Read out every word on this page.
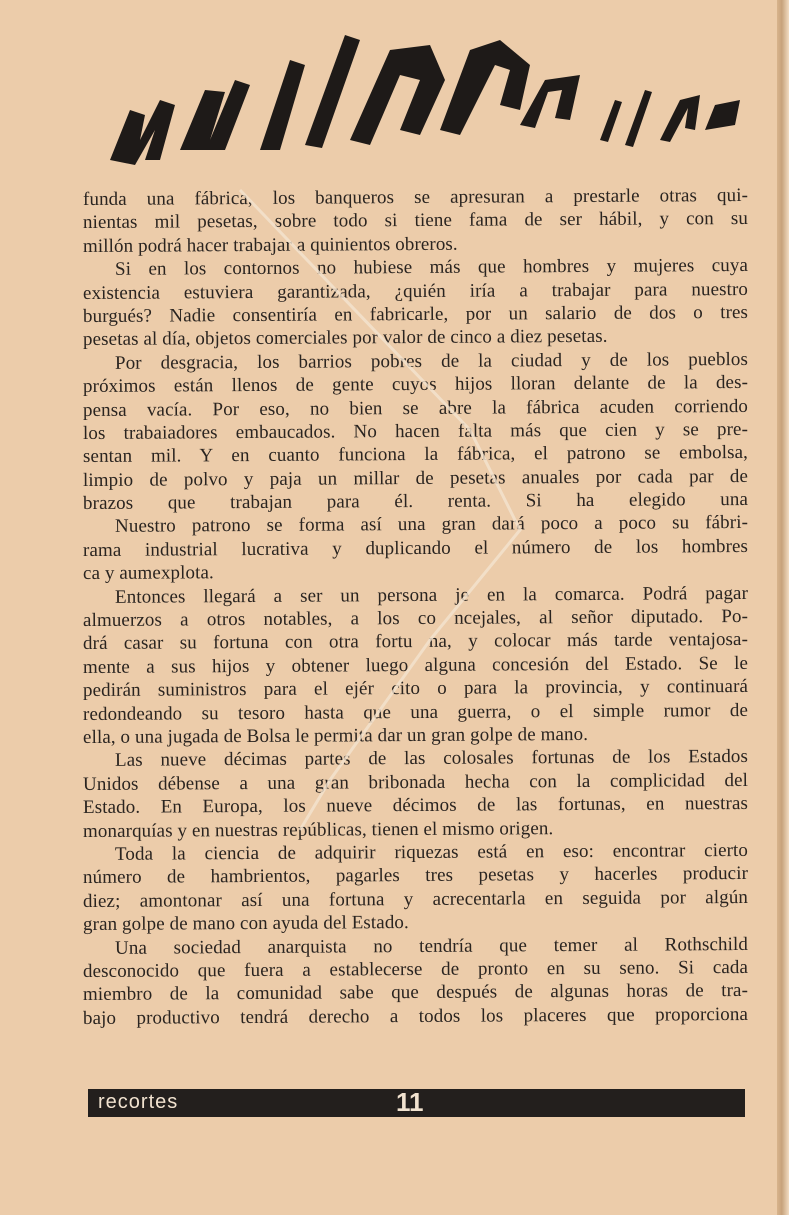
funda una fábrica, los banqueros se apresuran a prestarle otras qui-
nientas mil pesetas, sobre todo si tiene fama de ser hábil, y con su
millón podrá hacer trabajar a quinientos obreros.
Si en los contornos no hubiese más que hombres y mujeres cuya
existencia estuviera garantizada, ¿quién iría a trabajar para nuestro
burgués? Nadie consentiría en fabricarle, por un salario de dos o tres
pesetas al día, objetos comerciales por valor de cinco a diez pesetas.
Por desgracia, los barrios pobres de la ciudad y de los pueblos
próximos están llenos de gente cuyos hijos lloran delante de la des-
pensa vacía. Por eso, no bien se abre la fábrica acuden corriendo
los trabaiadores embaucados. No hacen falta más que cien y se pre-
sentan mil. Y en cuanto funciona la fábrica, el patrono se embolsa,
limpio de polvo y paja un millar de pesetas anuales por cada par de
brazos que trabajan para él. renta. Si ha elegido una
Nuestro patrono se forma así una gran dará poco a poco su fábri-
rama industrial lucrativa y duplicando el número de los hombres
ca y aumexplota.
Entonces llegará a ser un persona je en la comarca. Podrá pagar
almuerzos a otros notables, a los co ncejales, al señor diputado. Po-
drá casar su fortuna con otra fortu na, y colocar más tarde ventajosa-
mente a sus hijos y obtener luego alguna concesión del Estado. Se le
pedirán suministros para el ejér cito o para la provincia, y continuará
redondeando su tesoro hasta que una guerra, o el simple rumor de
ella, o una jugada de Bolsa le permita dar un gran golpe de mano.
Las nueve décimas partes de las colosales fortunas de los Estados
Unidos débense a una gran bribonada hecha con la complicidad del
Estado. En Europa, los nueve décimos de las fortunas, en nuestras
monarquías y en nuestras repúblicas, tienen el mismo origen.
Toda la ciencia de adquirir riquezas está en eso: encontrar cierto
número de hambrientos, pagarles tres pesetas y hacerles producir
diez; amontonar así una fortuna y acrecentarla en seguida por algún
gran golpe de mano con ayuda del Estado.
Una sociedad anarquista no tendría que temer al Rothschild
desconocido que fuera a establecerse de pronto en su seno. Si cada
miembro de la comunidad sabe que después de algunas horas de tra-
bajo productivo tendrá derecho a todos los placeres que proporciona
recortes	11
